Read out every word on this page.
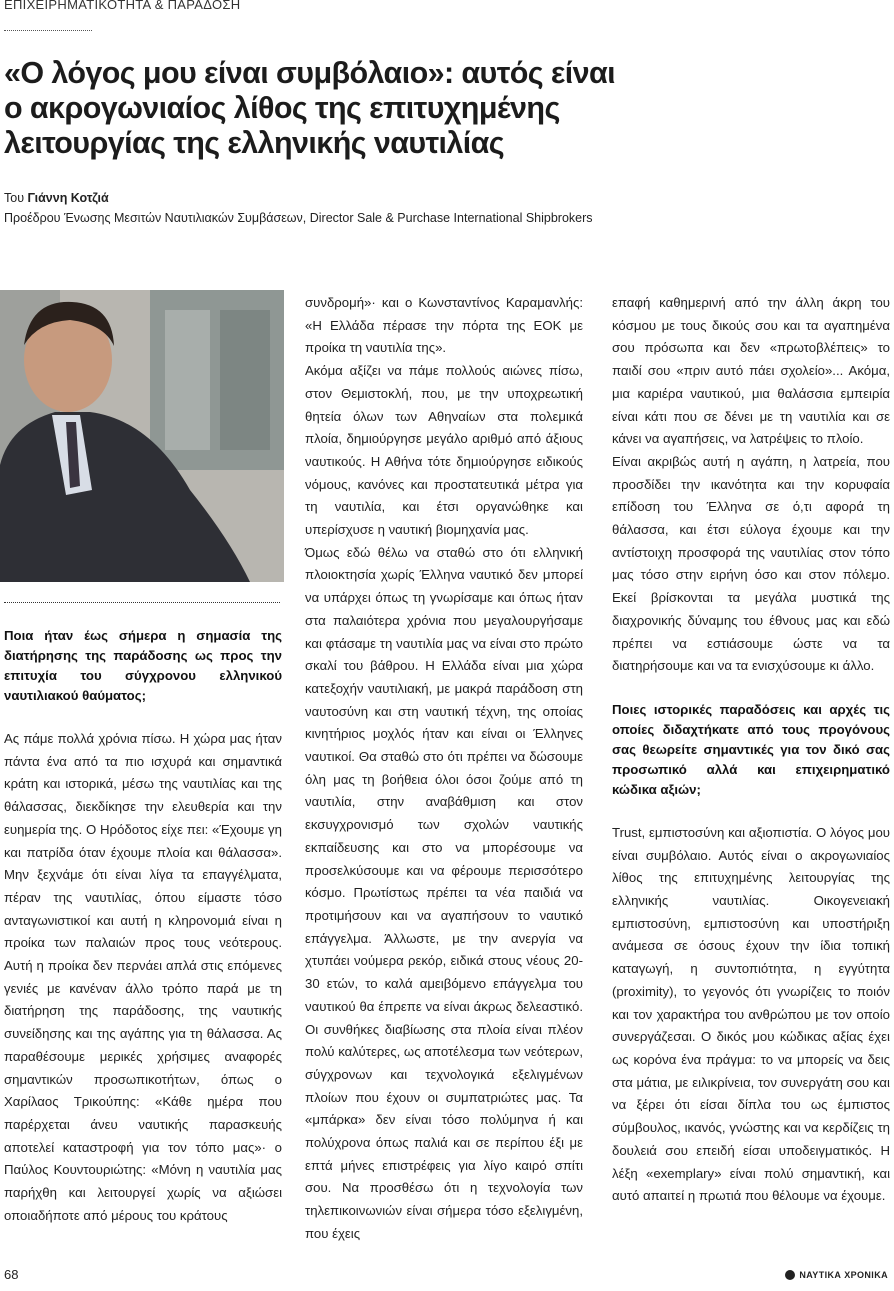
ΕΠΙΧΕΙΡΗΜΑΤΙΚΟΤΗΤΑ & ΠΑΡΑΔΟΣΗ
«Ο λόγος μου είναι συμβόλαιο»: αυτός είναι ο ακρογωνιαίος λίθος της επιτυχημένης λειτουργίας της ελληνικής ναυτιλίας
Του Γιάννη Κοτζιά
Προέδρου Ένωσης Μεσιτών Ναυτιλιακών Συμβάσεων, Director Sale & Purchase International Shipbrokers

Ποια ήταν έως σήμερα η σημασία της διατήρησης της παράδοσης ως προς την επιτυχία του σύγχρονου ελληνικού ναυτιλιακού θαύματος;

Ας πάμε πολλά χρόνια πίσω. Η χώρα μας ήταν πάντα ένα από τα πιο ισχυρά και σημαντικά κράτη και ιστορικά, μέσω της ναυτιλίας και της θάλασσας, διεκδίκησε την ελευθερία και την ευημερία της. Ο Ηρόδοτος είχε πει: «Έχουμε γη και πατρίδα όταν έχουμε πλοία και θάλασσα». Μην ξεχνάμε ότι είναι λίγα τα επαγγέλματα, πέραν της ναυτιλίας, όπου είμαστε τόσο ανταγωνιστικοί και αυτή η κληρονομιά είναι η προίκα των παλαιών προς τους νεότερους. Αυτή η προίκα δεν περνάει απλά στις επόμενες γενιές με κανέναν άλλο τρόπο παρά με τη διατήρηση της παράδοσης, της ναυτικής συνείδησης και της αγάπης για τη θάλασσα. Ας παραθέσουμε μερικές χρήσιμες αναφορές σημαντικών προσωπικοτήτων, όπως ο Χαρίλαος Τρικούπης: «Κάθε ημέρα που παρέρχεται άνευ ναυτικής παρασκευής αποτελεί καταστροφή για τον τόπο μας»· ο Παύλος Κουντουριώτης: «Μόνη η ναυτιλία μας παρήχθη και λειτουργεί χωρίς να αξιώσει οποιαδήποτε από μέρους του κράτους

συνδρομή»· και ο Κωνσταντίνος Καραμανλής: «Η Ελλάδα πέρασε την πόρτα της ΕΟΚ με προίκα τη ναυτιλία της».

Ακόμα αξίζει να πάμε πολλούς αιώνες πίσω, στον Θεμιστοκλή, που, με την υποχρεωτική θητεία όλων των Αθηναίων στα πολεμικά πλοία, δημιούργησε μεγάλο αριθμό από άξιους ναυτικούς. Η Αθήνα τότε δημιούργησε ειδικούς νόμους, κανόνες και προστατευτικά μέτρα για τη ναυτιλία, και έτσι οργανώθηκε και υπερίσχυσε η ναυτική βιομηχανία μας.

Όμως εδώ θέλω να σταθώ στο ότι ελληνική πλοιοκτησία χωρίς Έλληνα ναυτικό δεν μπορεί να υπάρχει όπως τη γνωρίσαμε και όπως ήταν στα παλαιότερα χρόνια που μεγαλουργήσαμε και φτάσαμε τη ναυτιλία μας να είναι στο πρώτο σκαλί του βάθρου. Η Ελλάδα είναι μια χώρα κατεξοχήν ναυτιλιακή, με μακρά παράδοση στη ναυτοσύνη και στη ναυτική τέχνη, της οποίας κινητήριος μοχλός ήταν και είναι οι Έλληνες ναυτικοί. Θα σταθώ στο ότι πρέπει να δώσουμε όλη μας τη βοήθεια όλοι όσοι ζούμε από τη ναυτιλία, στην αναβάθμιση και στον εκσυγχρονισμό των σχολών ναυτικής εκπαίδευσης και στο να μπορέσουμε να προσελκύσουμε και να φέρουμε περισσότερο κόσμο. Πρωτίστως πρέπει τα νέα παιδιά να προτιμήσουν και να αγαπήσουν το ναυτικό επάγγελμα. Άλλωστε, με την ανεργία να χτυπάει νούμερα ρεκόρ, ειδικά στους νέους 20-30 ετών, το καλά αμειβόμενο επάγγελμα του ναυτικού θα έπρεπε να είναι άκρως δελεαστικό. Οι συνθήκες διαβίωσης στα πλοία είναι πλέον πολύ καλύτερες, ως αποτέλεσμα των νεότερων, σύγχρονων και τεχνολογικά εξελιγμένων πλοίων που έχουν οι συμπατριώτες μας. Τα «μπάρκα» δεν είναι τόσο πολύμηνα ή και πολύχρονα όπως παλιά και σε περίπου έξι με επτά μήνες επιστρέφεις για λίγο καιρό σπίτι σου. Να προσθέσω ότι η τεχνολογία των τηλεπικοινωνιών είναι σήμερα τόσο εξελιγμένη, που έχεις

επαφή καθημερινή από την άλλη άκρη του κόσμου με τους δικούς σου και τα αγαπημένα σου πρόσωπα και δεν «πρωτοβλέπεις» το παιδί σου «πριν αυτό πάει σχολείο»... Ακόμα, μια καριέρα ναυτικού, μια θαλάσσια εμπειρία είναι κάτι που σε δένει με τη ναυτιλία και σε κάνει να αγαπήσεις, να λατρέψεις το πλοίο.

Είναι ακριβώς αυτή η αγάπη, η λατρεία, που προσδίδει την ικανότητα και την κορυφαία επίδοση του Έλληνα σε ό,τι αφορά τη θάλασσα, και έτσι εύλογα έχουμε και την αντίστοιχη προσφορά της ναυτιλίας στον τόπο μας τόσο στην ειρήνη όσο και στον πόλεμο. Εκεί βρίσκονται τα μεγάλα μυστικά της διαχρονικής δύναμης του έθνους μας και εδώ πρέπει να εστιάσουμε ώστε να τα διατηρήσουμε και να τα ενισχύσουμε κι άλλο.

Ποιες ιστορικές παραδόσεις και αρχές τις οποίες διδαχτήκατε από τους προγόνους σας θεωρείτε σημαντικές για τον δικό σας προσωπικό αλλά και επιχειρηματικό κώδικα αξιών;

Trust, εμπιστοσύνη και αξιοπιστία. Ο λόγος μου είναι συμβόλαιο. Αυτός είναι ο ακρογωνιαίος λίθος της επιτυχημένης λειτουργίας της ελληνικής ναυτιλίας. Οικογενειακή εμπιστοσύνη, εμπιστοσύνη και υποστήριξη ανάμεσα σε όσους έχουν την ίδια τοπική καταγωγή, η συντοπιότητα, η εγγύτητα (proximity), το γεγονός ότι γνωρίζεις το ποιόν και τον χαρακτήρα του ανθρώπου με τον οποίο συνεργάζεσαι. Ο δικός μου κώδικας αξίας έχει ως κορόνα ένα πράγμα: το να μπορείς να δεις στα μάτια, με ειλικρίνεια, τον συνεργάτη σου και να ξέρει ότι είσαι δίπλα του ως έμπιστος σύμβουλος, ικανός, γνώστης και να κερδίζεις τη δουλειά σου επειδή είσαι υποδειγματικός. Η λέξη «exemplary» είναι πολύ σημαντική, και αυτό απαιτεί η πρωτιά που θέλουμε να έχουμε.

68	ΝΑΥΤΙΚΑ ΧΡΟΝΙΚΑ
